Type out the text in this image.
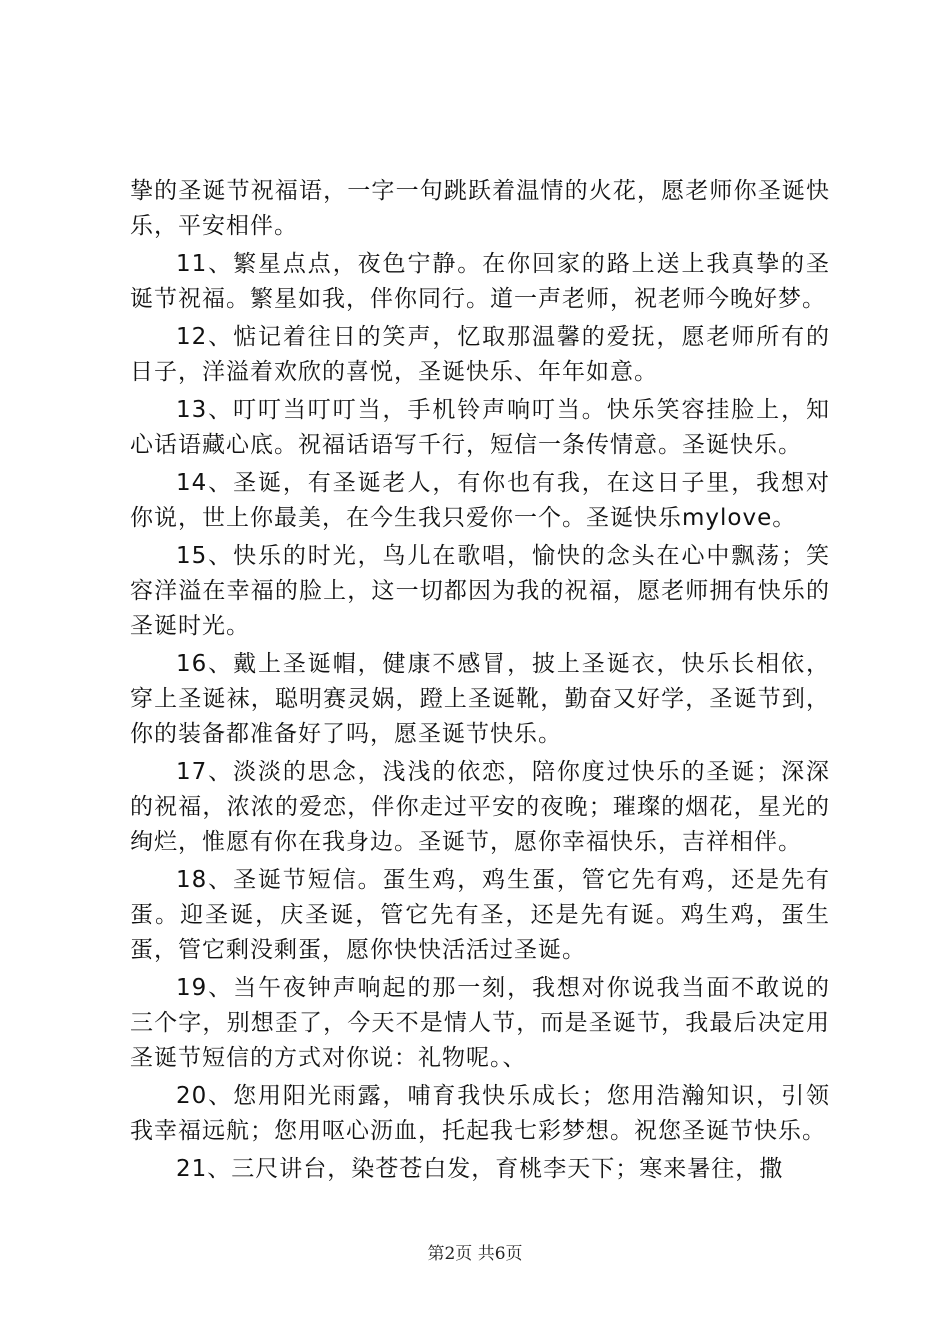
挚的圣诞节祝福语，一字一句跳跃着温情的火花，愿老师你圣诞快乐，平安相伴。

11、繁星点点，夜色宁静。在你回家的路上送上我真挚的圣诞节祝福。繁星如我，伴你同行。道一声老师，祝老师今晚好梦。

12、惦记着往日的笑声，忆取那温馨的爱抚，愿老师所有的日子，洋溢着欢欣的喜悦，圣诞快乐、年年如意。

13、叮叮当叮叮当，手机铃声响叮当。快乐笑容挂脸上，知心话语藏心底。祝福话语写千行，短信一条传情意。圣诞快乐。

14、圣诞，有圣诞老人，有你也有我，在这日子里，我想对你说，世上你最美，在今生我只爱你一个。圣诞快乐mylove。

15、快乐的时光，鸟儿在歌唱，愉快的念头在心中飘荡；笑容洋溢在幸福的脸上，这一切都因为我的祝福，愿老师拥有快乐的圣诞时光。

16、戴上圣诞帽，健康不感冒，披上圣诞衣，快乐长相依，穿上圣诞袜，聪明赛灵娲，蹬上圣诞靴，勤奋又好学，圣诞节到，你的装备都准备好了吗，愿圣诞节快乐。

17、淡淡的思念，浅浅的依恋，陪你度过快乐的圣诞；深深的祝福，浓浓的爱恋，伴你走过平安的夜晚；璀璨的烟花，星光的绚烂，惟愿有你在我身边。圣诞节，愿你幸福快乐，吉祥相伴。

18、圣诞节短信。蛋生鸡，鸡生蛋，管它先有鸡，还是先有蛋。迎圣诞，庆圣诞，管它先有圣，还是先有诞。鸡生鸡，蛋生蛋，管它剩没剩蛋，愿你快快活活过圣诞。

19、当午夜钟声响起的那一刻，我想对你说我当面不敢说的三个字，别想歪了，今天不是情人节，而是圣诞节，我最后决定用圣诞节短信的方式对你说：礼物呢。、

20、您用阳光雨露，哺育我快乐成长；您用浩瀚知识，引领我幸福远航；您用呕心沥血，托起我七彩梦想。祝您圣诞节快乐。

21、三尺讲台，染苍苍白发，育桃李天下；寒来暑往，撒

第2页 共6页
